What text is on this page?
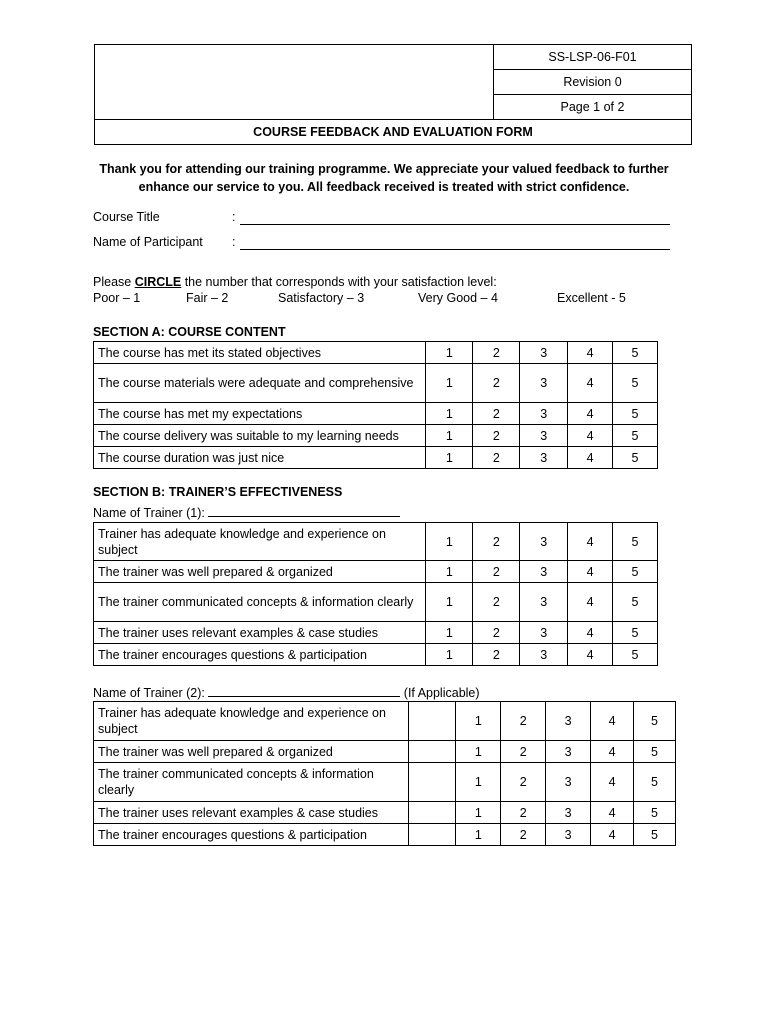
	SS-LSP-06-F01
Revision 0
Page 1 of 2
COURSE FEEDBACK AND EVALUATION FORM
Thank you for attending our training programme. We appreciate your valued feedback to further
enhance our service to you. All feedback received is treated with strict confidence.
Course Title	:
Name of Participant :
Please CIRCLE the number that corresponds with your satisfaction level:
Poor – 1	Fair – 2	Satisfactory – 3	Very Good – 4	Excellent - 5
SECTION A: COURSE CONTENT
The course has met its stated objectives	1	2	3	4	5
The course materials were adequate and comprehensive	1	2	3	4	5
The course has met my expectations	1	2	3	4	5
The course delivery was suitable to my learning needs	1	2	3	4	5
The course duration was just nice	1	2	3	4	5
SECTION B: TRAINER’S EFFECTIVENESS
Name of Trainer (1):
Trainer has adequate knowledge and experience on subject	1	2	3	4	5
The trainer was well prepared & organized	1	2	3	4	5
The trainer communicated concepts & information clearly	1	2	3	4	5
The trainer uses relevant examples & case studies	1	2	3	4	5
The trainer encourages questions & participation	1	2	3	4	5
Name of Trainer (2):	(If Applicable)
Trainer has adequate knowledge and experience on subject		1	2	3	4	5
The trainer was well prepared & organized		1	2	3	4	5
The trainer communicated concepts & information clearly		1	2	3	4	5
The trainer uses relevant examples & case studies		1	2	3	4	5
The trainer encourages questions & participation		1	2	3	4	5
